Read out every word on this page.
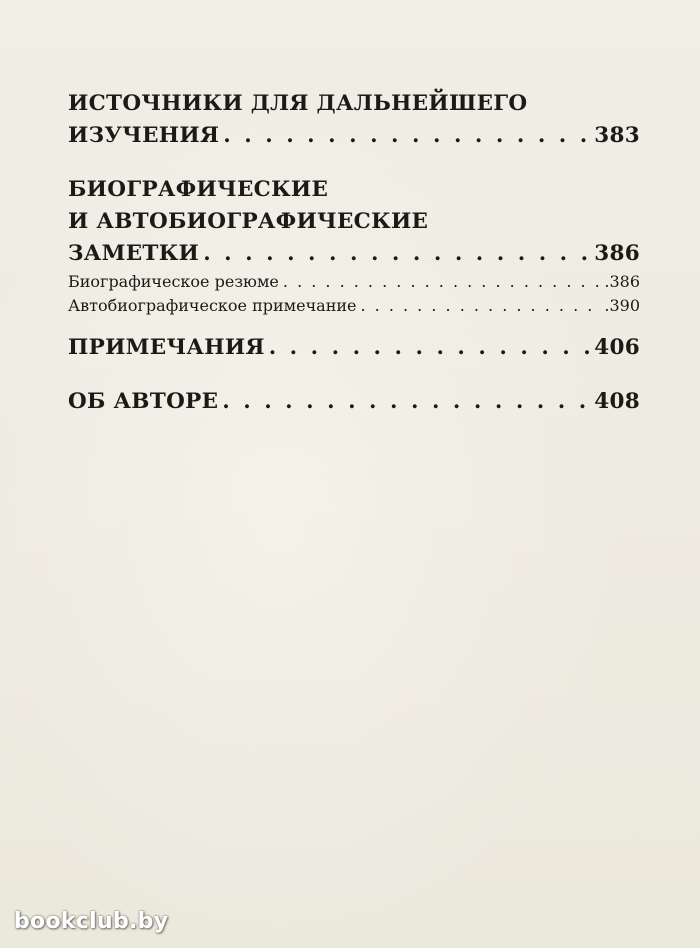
ИСТОЧНИКИ ДЛЯ ДАЛЬНЕЙШЕГО
ИЗУЧЕНИЯ . . .	383
БИОГРАФИЧЕСКИЕ
И АВТОБИОГРАФИЧЕСКИЕ
ЗАМЕТКИ . . .	386
Биографическое резюме . . .	.386
Автобиографическое примечание . . .	.390
ПРИМЕЧАНИЯ . . .	406
ОБ АВТОРЕ . . .	408
bookclub.by
